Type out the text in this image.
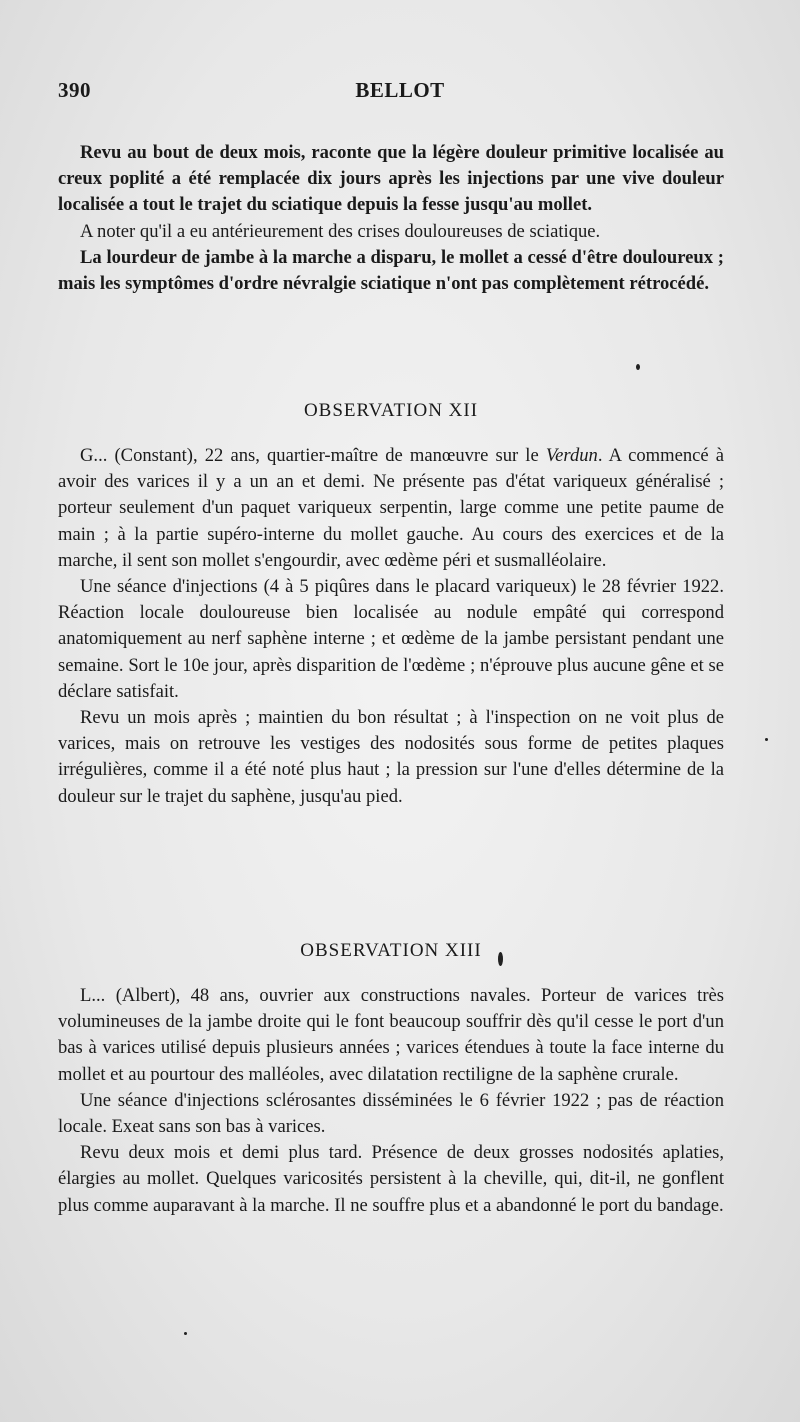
390	BELLOT

Revu au bout de deux mois, raconte que la légère douleur primitive localisée au creux poplité a été remplacée dix jours après les injections par une vive douleur localisée a tout le trajet du sciatique depuis la fesse jusqu'au mollet.

A noter qu'il a eu antérieurement des crises douloureuses de sciatique.

La lourdeur de jambe à la marche a disparu, le mollet a cessé d'être douloureux ; mais les symptômes d'ordre névralgie sciatique n'ont pas complètement rétrocédé.

OBSERVATION XII

G... (Constant), 22 ans, quartier-maître de manœuvre sur le Verdun. A commencé à avoir des varices il y a un an et demi. Ne présente pas d'état variqueux généralisé ; porteur seulement d'un paquet variqueux serpentin, large comme une petite paume de main ; à la partie supéro-interne du mollet gauche. Au cours des exercices et de la marche, il sent son mollet s'engourdir, avec œdème péri et susmalléolaire.

Une séance d'injections (4 à 5 piqûres dans le placard variqueux) le 28 février 1922. Réaction locale douloureuse bien localisée au nodule empâté qui correspond anatomiquement au nerf saphène interne ; et œdème de la jambe persistant pendant une semaine. Sort le 10e jour, après disparition de l'œdème ; n'éprouve plus aucune gêne et se déclare satisfait.

Revu un mois après ; maintien du bon résultat ; à l'inspection on ne voit plus de varices, mais on retrouve les vestiges des nodosités sous forme de petites plaques irrégulières, comme il a été noté plus haut ; la pression sur l'une d'elles détermine de la douleur sur le trajet du saphène, jusqu'au pied.

OBSERVATION XIII

L... (Albert), 48 ans, ouvrier aux constructions navales. Porteur de varices très volumineuses de la jambe droite qui le font beaucoup souffrir dès qu'il cesse le port d'un bas à varices utilisé depuis plusieurs années ; varices étendues à toute la face interne du mollet et au pourtour des malléoles, avec dilatation rectiligne de la saphène crurale.

Une séance d'injections sclérosantes disséminées le 6 février 1922 ; pas de réaction locale. Exeat sans son bas à varices.

Revu deux mois et demi plus tard. Présence de deux grosses nodosités aplaties, élargies au mollet. Quelques varicosités persistent à la cheville, qui, dit-il, ne gonflent plus comme auparavant à la marche. Il ne souffre plus et a abandonné le port du bandage.
